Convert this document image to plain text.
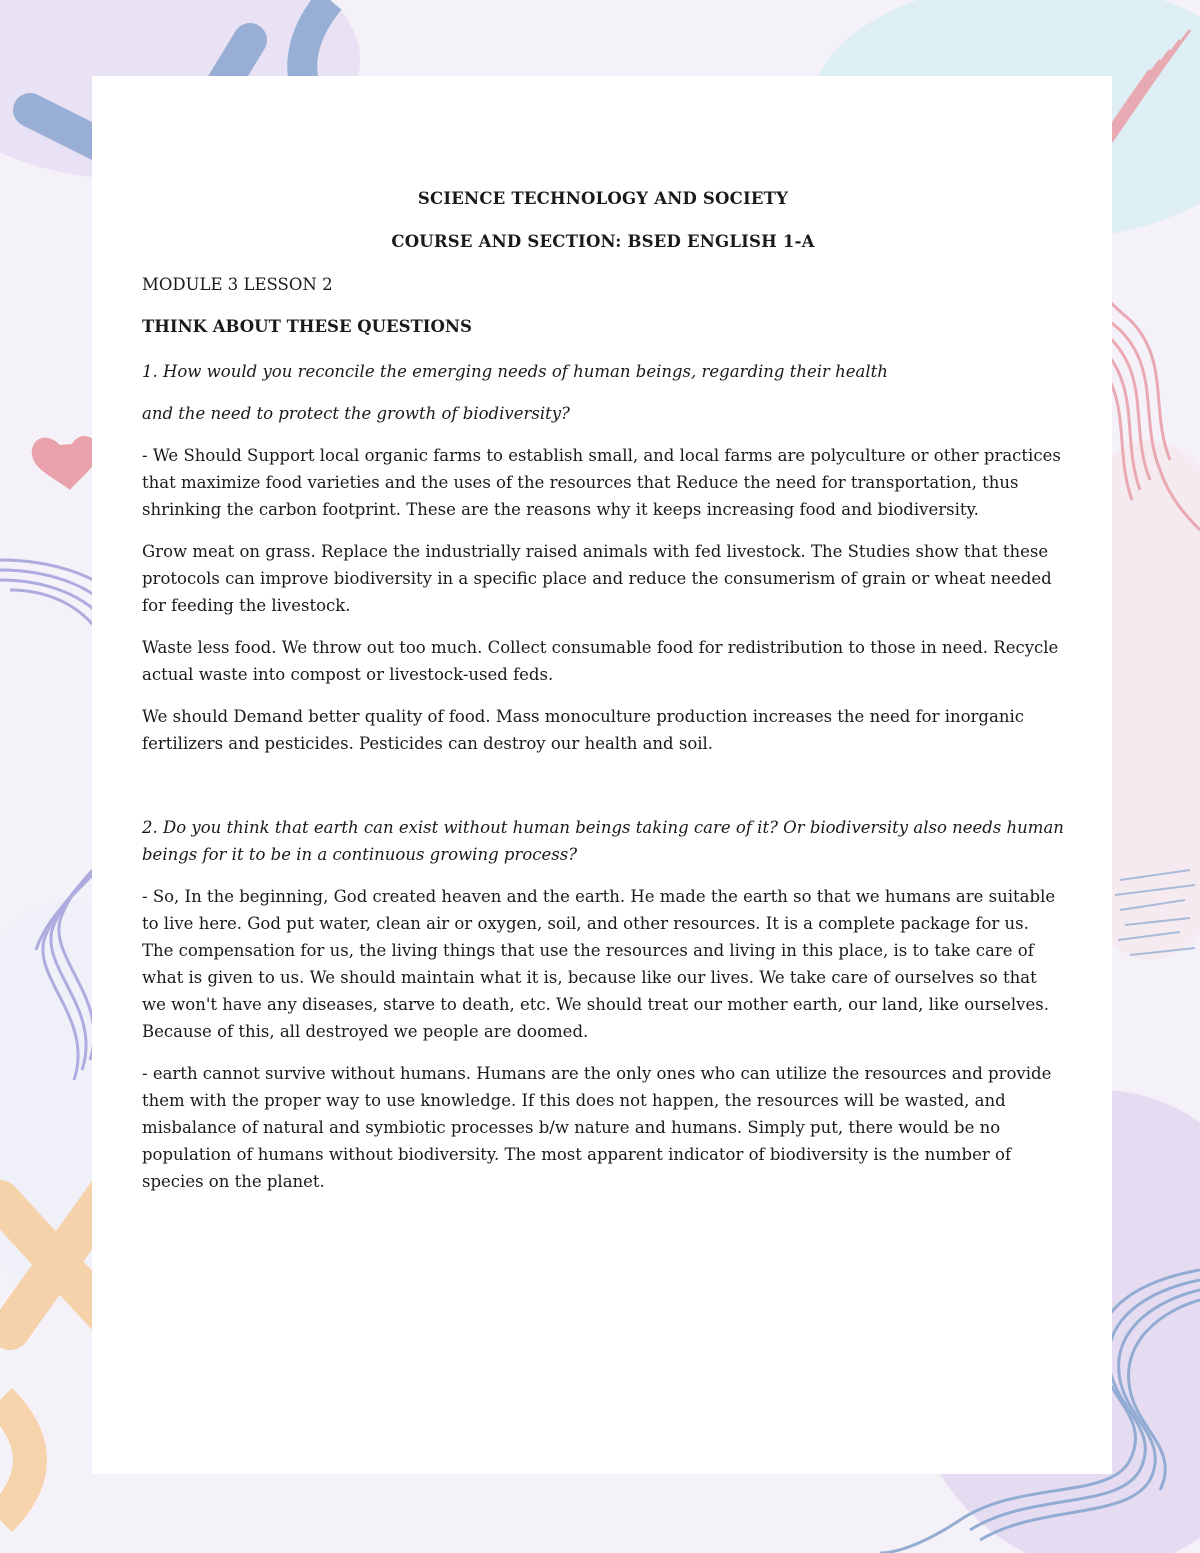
SCIENCE TECHNOLOGY AND SOCIETY
COURSE AND SECTION: BSED ENGLISH 1-A
MODULE 3 LESSON 2
THINK ABOUT THESE QUESTIONS
1. How would you reconcile the emerging needs of human beings, regarding their health
and the need to protect the growth of biodiversity?
- We Should Support local organic farms to establish small, and local farms are polyculture or other practices that maximize food varieties and the uses of the resources that Reduce the need for transportation, thus shrinking the carbon footprint. These are the reasons why it keeps increasing food and biodiversity.
Grow meat on grass. Replace the industrially raised animals with fed livestock. The Studies show that these protocols can improve biodiversity in a specific place and reduce the consumerism of grain or wheat needed for feeding the livestock.
Waste less food. We throw out too much. Collect consumable food for redistribution to those in need. Recycle actual waste into compost or livestock-used feds.
We should Demand better quality of food. Mass monoculture production increases the need for inorganic fertilizers and pesticides. Pesticides can destroy our health and soil.
2. Do you think that earth can exist without human beings taking care of it? Or biodiversity also needs human beings for it to be in a continuous growing process?
- So, In the beginning, God created heaven and the earth. He made the earth so that we humans are suitable to live here. God put water, clean air or oxygen, soil, and other resources. It is a complete package for us. The compensation for us, the living things that use the resources and living in this place, is to take care of what is given to us. We should maintain what it is, because like our lives. We take care of ourselves so that we won't have any diseases, starve to death, etc. We should treat our mother earth, our land, like ourselves. Because of this, all destroyed we people are doomed.
- earth cannot survive without humans. Humans are the only ones who can utilize the resources and provide them with the proper way to use knowledge. If this does not happen, the resources will be wasted, and misbalance of natural and symbiotic processes b/w nature and humans. Simply put, there would be no population of humans without biodiversity. The most apparent indicator of biodiversity is the number of species on the planet.
